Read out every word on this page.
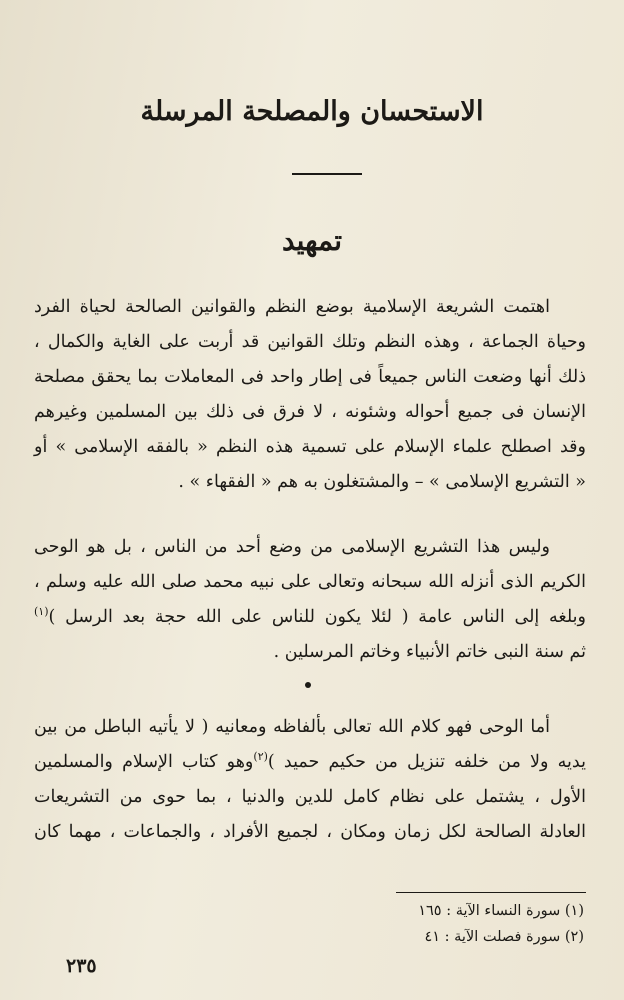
الاستحسان والمصلحة المرسلة
تمهيد
اهتمت الشريعة الإسلامية بوضع النظم والقوانين الصالحة لحياة الفرد
وحياة الجماعة ، وهذه النظم وتلك القوانين قد أربت على الغاية والكمال ،
ذلك أنها وضعت الناس جميعاً فى إطار واحد فى المعاملات بما يحقق مصلحة
الإنسان فى جميع أحواله وشئونه ، لا فرق فى ذلك بين المسلمين وغيرهم
وقد اصطلح علماء الإسلام على تسمية هذه النظم « بالفقه الإسلامى » أو
« التشريع الإسلامى » – والمشتغلون به هم « الفقهاء » .
وليس هذا التشريع الإسلامى من وضع أحد من الناس ، بل هو الوحى
الكريم الذى أنزله الله سبحانه وتعالى على نبيه محمد صلى الله عليه وسلم ،
وبلغه إلى الناس عامة ( لئلا يكون للناس على الله حجة بعد الرسل )$^{(١)}$
ثم سنة النبى خاتم الأنبياء وخاتم المرسلين .
أما الوحى فهو كلام الله تعالى بألفاظه ومعانيه ( لا يأتيه الباطل من بين
يديه ولا من خلفه تنزيل من حكيم حميد )$^{(٢)}$وهو كتاب الإسلام والمسلمين
الأول ، يشتمل على نظام كامل للدين والدنيا ، بما حوى من التشريعات
العادلة الصالحة لكل زمان ومكان ، لجميع الأفراد ، والجماعات ، مهما كان
(١) سورة النساء الآية : ١٦٥
(٢) سورة فصلت الآية : ٤١
٢٣٥
